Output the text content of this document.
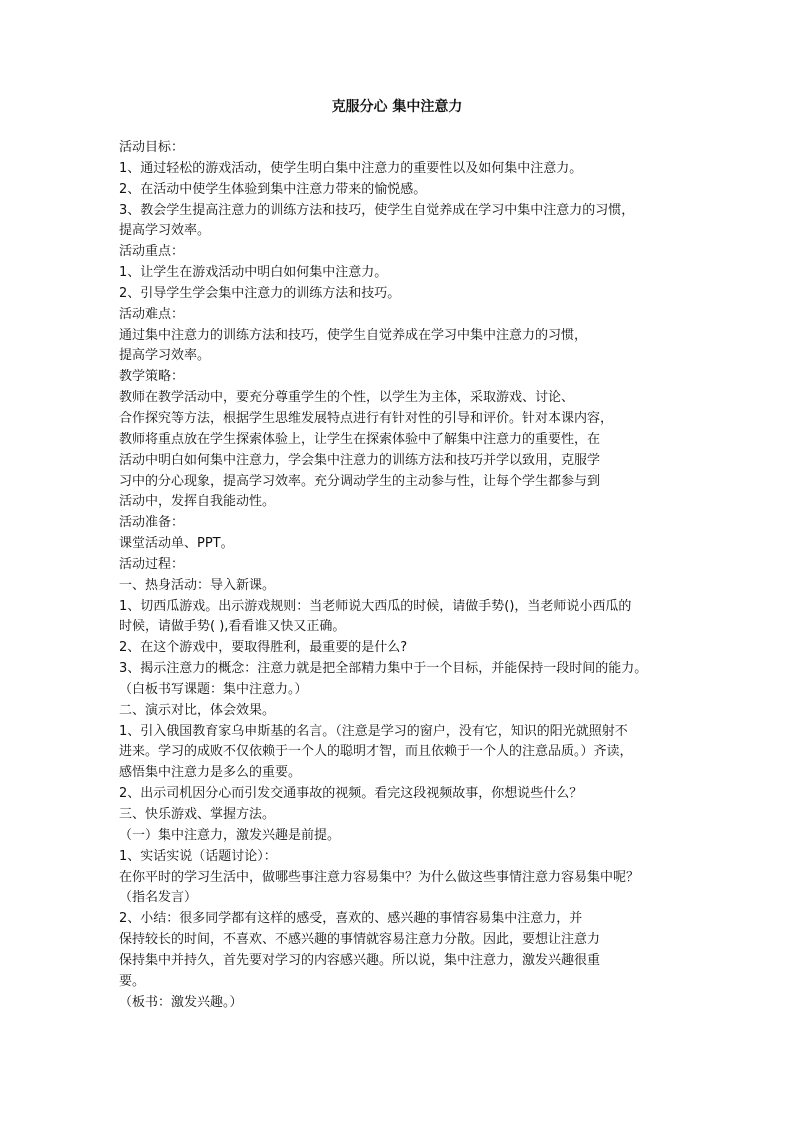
克服分心 集中注意力
活动目标：
1、通过轻松的游戏活动，使学生明白集中注意力的重要性以及如何集中注意力。
2、在活动中使学生体验到集中注意力带来的愉悦感。
3、教会学生提高注意力的训练方法和技巧，使学生自觉养成在学习中集中注意力的习惯，
提高学习效率。
活动重点：
1、让学生在游戏活动中明白如何集中注意力。
2、引导学生学会集中注意力的训练方法和技巧。
活动难点：
通过集中注意力的训练方法和技巧，使学生自觉养成在学习中集中注意力的习惯，
提高学习效率。
教学策略：
教师在教学活动中，要充分尊重学生的个性，以学生为主体，采取游戏、讨论、
合作探究等方法，根据学生思维发展特点进行有针对性的引导和评价。针对本课内容，
教师将重点放在学生探索体验上，让学生在探索体验中了解集中注意力的重要性，在
活动中明白如何集中注意力，学会集中注意力的训练方法和技巧并学以致用，克服学
习中的分心现象，提高学习效率。充分调动学生的主动参与性，让每个学生都参与到
活动中，发挥自我能动性。
活动准备：
课堂活动单、PPT。
活动过程：
一、热身活动：导入新课。
1、切西瓜游戏。出示游戏规则：当老师说大西瓜的时候，请做手势()，当老师说小西瓜的
时候，请做手势( ),看看谁又快又正确。
2、在这个游戏中，要取得胜利，最重要的是什么?
3、揭示注意力的概念：注意力就是把全部精力集中于一个目标，并能保持一段时间的能力。
（白板书写课题：集中注意力。）
二、演示对比，体会效果。
1、引入俄国教育家乌申斯基的名言。（注意是学习的窗户，没有它，知识的阳光就照射不
进来。学习的成败不仅依赖于一个人的聪明才智，而且依赖于一个人的注意品质。）齐读，
感悟集中注意力是多么的重要。
2、出示司机因分心而引发交通事故的视频。看完这段视频故事，你想说些什么？
三、快乐游戏、掌握方法。
（一）集中注意力，激发兴趣是前提。
1、实话实说（话题讨论）：
在你平时的学习生活中，做哪些事注意力容易集中？为什么做这些事情注意力容易集中呢？
（指名发言）
2、小结：很多同学都有这样的感受，喜欢的、感兴趣的事情容易集中注意力，并
保持较长的时间，不喜欢、不感兴趣的事情就容易注意力分散。因此，要想让注意力
保持集中并持久，首先要对学习的内容感兴趣。所以说，集中注意力，激发兴趣很重
要。
（板书：激发兴趣。）
